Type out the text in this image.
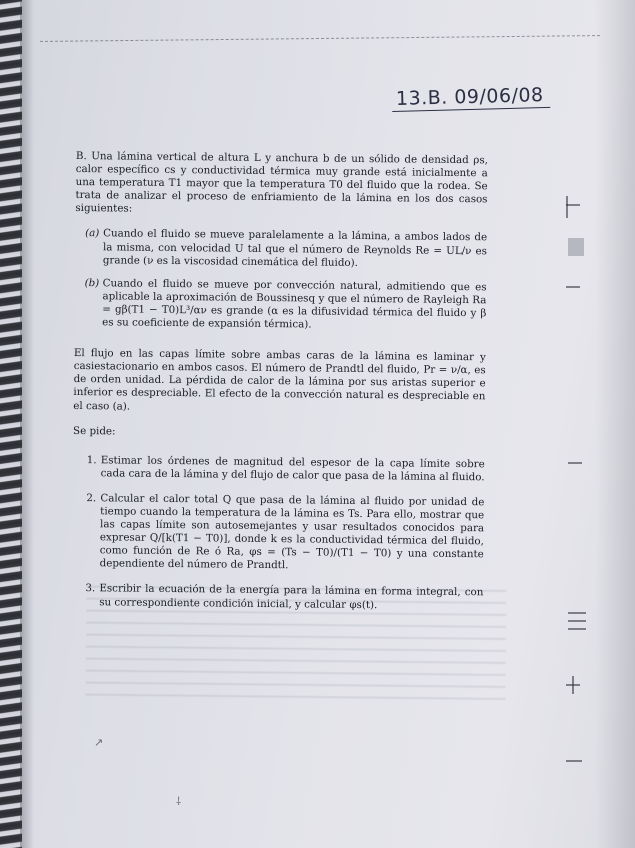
13.B. 09/06/08

B. Una lámina vertical de altura L y anchura b de un sólido de densidad ρs, calor específico cs y conductividad térmica muy grande está inicialmente a una temperatura T1 mayor que la temperatura T0 del fluido que la rodea. Se trata de analizar el proceso de enfriamiento de la lámina en los dos casos siguientes:

(a) Cuando el fluido se mueve paralelamente a la lámina, a ambos lados de la misma, con velocidad U tal que el número de Reynolds Re = UL/ν es grande (ν es la viscosidad cinemática del fluido).
(b) Cuando el fluido se mueve por convección natural, admitiendo que es aplicable la aproximación de Boussinesq y que el número de Rayleigh Ra = gβ(T1 − T0)L³/αν es grande (α es la difusividad térmica del fluido y β es su coeficiente de expansión térmica).

El flujo en las capas límite sobre ambas caras de la lámina es laminar y casiestacionario en ambos casos. El número de Prandtl del fluido, Pr = ν/α, es de orden unidad. La pérdida de calor de la lámina por sus aristas superior e inferior es despreciable. El efecto de la convección natural es despreciable en el caso (a).

Se pide:

1. Estimar los órdenes de magnitud del espesor de la capa límite sobre cada cara de la lámina y del flujo de calor que pasa de la lámina al fluido.
2. Calcular el calor total Q que pasa de la lámina al fluido por unidad de tiempo cuando la temperatura de la lámina es Ts. Para ello, mostrar que las capas límite son autosemejantes y usar resultados conocidos para expresar Q/[k(T1 − T0)], donde k es la conductividad térmica del fluido, como función de Re ó Ra, φs = (Ts − T0)/(T1 − T0) y una constante dependiente del número de Prandtl.
3. Escribir la ecuación de la energía para la lámina en forma integral, con su correspondiente condición inicial, y calcular φs(t).
↗
⸸
